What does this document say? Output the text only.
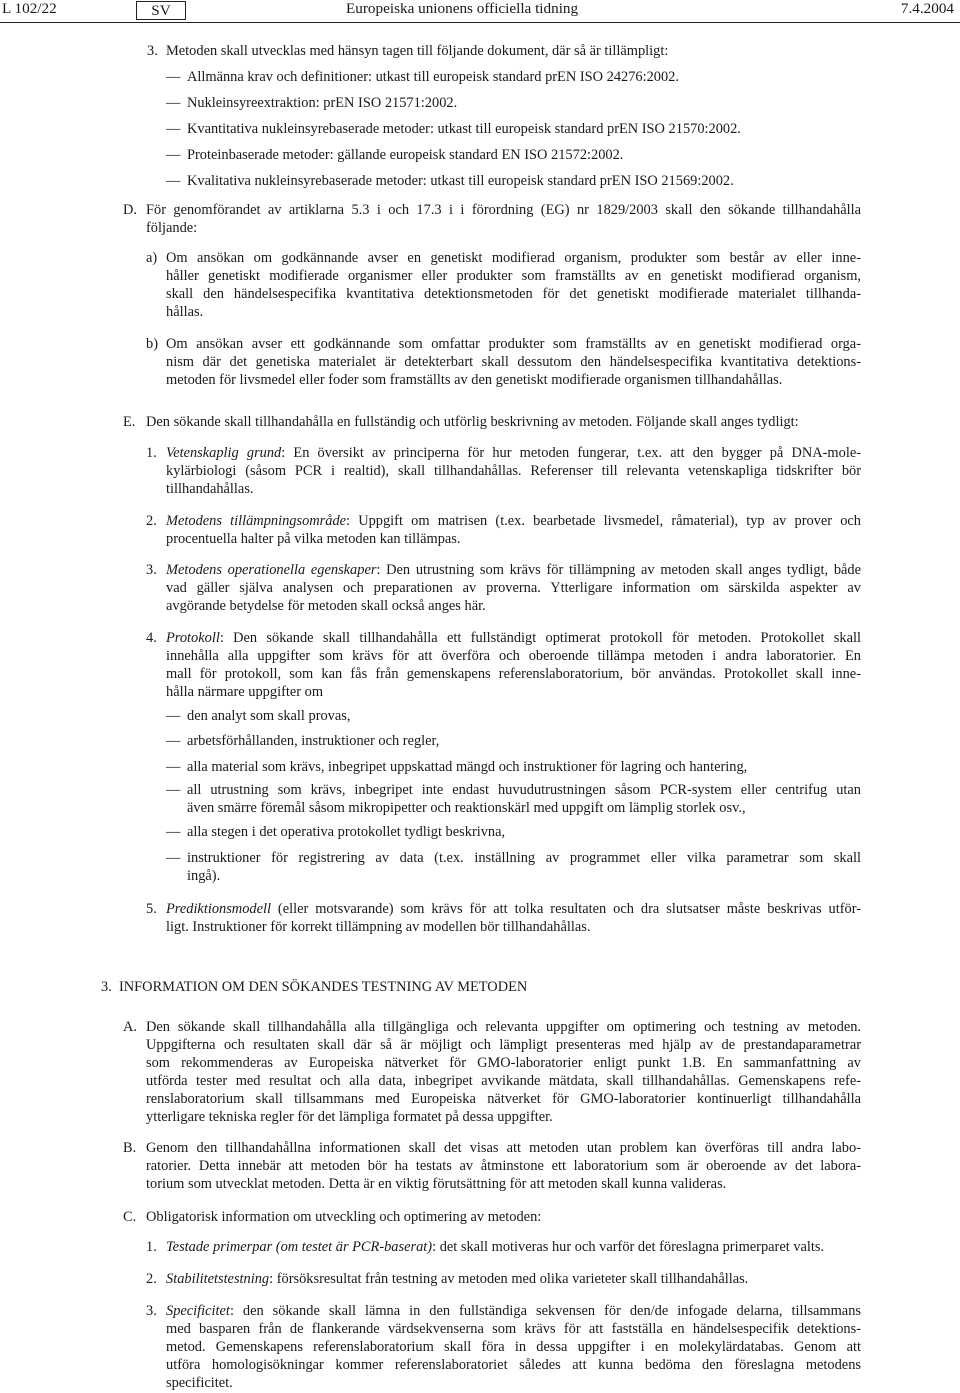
L 102/22	SV	Europeiska unionens officiella tidning	7.4.2004
3. Metoden skall utvecklas med hänsyn tagen till följande dokument, där så är tillämpligt:
— Allmänna krav och definitioner: utkast till europeisk standard prEN ISO 24276:2002.
— Nukleinsyreextraktion: prEN ISO 21571:2002.
— Kvantitativa nukleinsyrebaserade metoder: utkast till europeisk standard prEN ISO 21570:2002.
— Proteinbaserade metoder: gällande europeisk standard EN ISO 21572:2002.
— Kvalitativa nukleinsyrebaserade metoder: utkast till europeisk standard prEN ISO 21569:2002.
D. För genomförandet av artiklarna 5.3 i och 17.3 i i förordning (EG) nr 1829/2003 skall den sökande tillhandahålla
följande:
a) Om ansökan om godkännande avser en genetiskt modifierad organism, produkter som består av eller inne-
håller genetiskt modifierade organismer eller produkter som framställts av en genetiskt modifierad organism,
skall den händelsespecifika kvantitativa detektionsmetoden för det genetiskt modifierade materialet tillhanda-
hållas.
b) Om ansökan avser ett godkännande som omfattar produkter som framställts av en genetiskt modifierad orga-
nism där det genetiska materialet är detekterbart skall dessutom den händelsespecifika kvantitativa detektions-
metoden för livsmedel eller foder som framställts av den genetiskt modifierade organismen tillhandahållas.
E. Den sökande skall tillhandahålla en fullständig och utförlig beskrivning av metoden. Följande skall anges tydligt:
1. Vetenskaplig grund: En översikt av principerna för hur metoden fungerar, t.ex. att den bygger på DNA-mole-
kylärbiologi (såsom PCR i realtid), skall tillhandahållas. Referenser till relevanta vetenskapliga tidskrifter bör
tillhandahållas.
2. Metodens tillämpningsområde: Uppgift om matrisen (t.ex. bearbetade livsmedel, råmaterial), typ av prover och
procentuella halter på vilka metoden kan tillämpas.
3. Metodens operationella egenskaper: Den utrustning som krävs för tillämpning av metoden skall anges tydligt, både
vad gäller själva analysen och preparationen av proverna. Ytterligare information om särskilda aspekter av
avgörande betydelse för metoden skall också anges här.
4. Protokoll: Den sökande skall tillhandahålla ett fullständigt optimerat protokoll för metoden. Protokollet skall
innehålla alla uppgifter som krävs för att överföra och oberoende tillämpa metoden i andra laboratorier. En
mall för protokoll, som kan fås från gemenskapens referenslaboratorium, bör användas. Protokollet skall inne-
hålla närmare uppgifter om
— den analyt som skall provas,
— arbetsförhållanden, instruktioner och regler,
— alla material som krävs, inbegripet uppskattad mängd och instruktioner för lagring och hantering,
— all utrustning som krävs, inbegripet inte endast huvudutrustningen såsom PCR-system eller centrifug utan
även smärre föremål såsom mikropipetter och reaktionskärl med uppgift om lämplig storlek osv.,
— alla stegen i det operativa protokollet tydligt beskrivna,
— instruktioner för registrering av data (t.ex. inställning av programmet eller vilka parametrar som skall
ingå).
5. Prediktionsmodell (eller motsvarande) som krävs för att tolka resultaten och dra slutsatser måste beskrivas utför-
ligt. Instruktioner för korrekt tillämpning av modellen bör tillhandahållas.
3.  INFORMATION OM DEN SÖKANDES TESTNING AV METODEN
A. Den sökande skall tillhandahålla alla tillgängliga och relevanta uppgifter om optimering och testning av metoden.
Uppgifterna och resultaten skall där så är möjligt och lämpligt presenteras med hjälp av de prestandaparametrar
som rekommenderas av Europeiska nätverket för GMO-laboratorier enligt punkt 1.B. En sammanfattning av
utförda tester med resultat och alla data, inbegripet avvikande mätdata, skall tillhandahållas. Gemenskapens refe-
renslaboratorium skall tillsammans med Europeiska nätverket för GMO-laboratorier kontinuerligt tillhandahålla
ytterligare tekniska regler för det lämpliga formatet på dessa uppgifter.
B. Genom den tillhandahållna informationen skall det visas att metoden utan problem kan överföras till andra labo-
ratorier. Detta innebär att metoden bör ha testats av åtminstone ett laboratorium som är oberoende av det labora-
torium som utvecklat metoden. Detta är en viktig förutsättning för att metoden skall kunna valideras.
C. Obligatorisk information om utveckling och optimering av metoden:
1. Testade primerpar (om testet är PCR-baserat): det skall motiveras hur och varför det föreslagna primerparet valts.
2. Stabilitetstestning: försöksresultat från testning av metoden med olika varieteter skall tillhandahållas.
3. Specificitet: den sökande skall lämna in den fullständiga sekvensen för den/de infogade delarna, tillsammans
med basparen från de flankerande värdsekvenserna som krävs för att fastställa en händelsespecifik detektions-
metod. Gemenskapens referenslaboratorium skall föra in dessa uppgifter i en molekylärdatabas. Genom att
utföra homologisökningar kommer referenslaboratoriet således att kunna bedöma den föreslagna metodens
specificitet.
